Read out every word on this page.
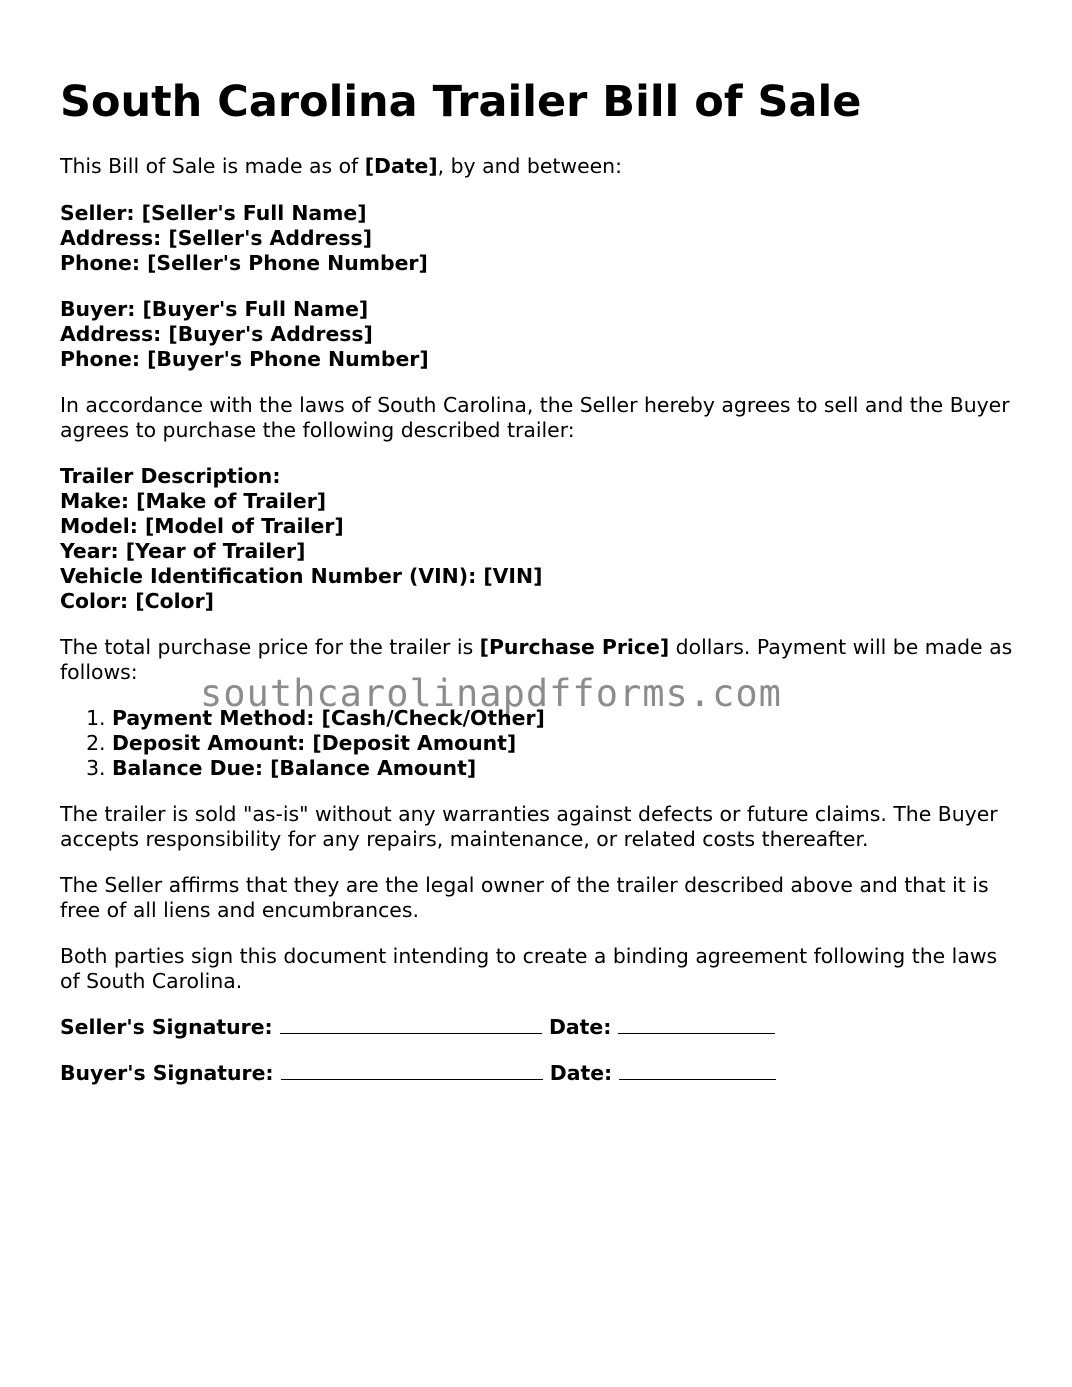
South Carolina Trailer Bill of Sale
This Bill of Sale is made as of [Date], by and between:
Seller: [Seller's Full Name]
Address: [Seller's Address]
Phone: [Seller's Phone Number]
Buyer: [Buyer's Full Name]
Address: [Buyer's Address]
Phone: [Buyer's Phone Number]
In accordance with the laws of South Carolina, the Seller hereby agrees to sell and the Buyer agrees to purchase the following described trailer:
Trailer Description:
Make: [Make of Trailer]
Model: [Model of Trailer]
Year: [Year of Trailer]
Vehicle Identification Number (VIN): [VIN]
Color: [Color]
The total purchase price for the trailer is [Purchase Price] dollars. Payment will be made as follows:
1. Payment Method: [Cash/Check/Other]
2. Deposit Amount: [Deposit Amount]
3. Balance Due: [Balance Amount]
The trailer is sold "as-is" without any warranties against defects or future claims. The Buyer accepts responsibility for any repairs, maintenance, or related costs thereafter.
The Seller affirms that they are the legal owner of the trailer described above and that it is free of all liens and encumbrances.
Both parties sign this document intending to create a binding agreement following the laws of South Carolina.
Seller's Signature:	Date:
Buyer's Signature:	Date:
southcarolinapdfforms.com
